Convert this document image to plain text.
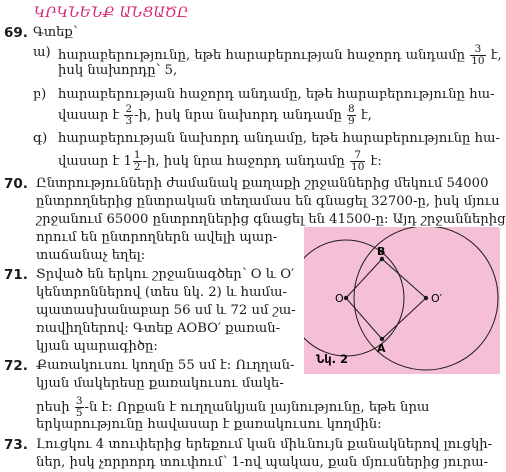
ԿՐԿՆԵՆՔ ԱՆՑԱԾԸ
69. Գտեք՝
ա) հարաբերությունը, եթե հարաբերության հաջորդ անդամը $\frac{3}{10}$ է,
իսկ նախորդը՝ 5,
բ) հարաբերության հաջորդ անդամը, եթե հարաբերությունը հա-
վասար է $\frac{2}{3}$ -ի, իսկ նրա նախորդ անդամը $\frac{8}{9}$ է,
գ) հարաբերության նախորդ անդամը, եթե հարաբերությունը հա-
վասար է $1 \frac{1}{2}$ -ի, իսկ նրա հաջորդ անդամը $\frac{7}{10}$ է:
70. Ընտրությունների ժամանակ քաղաքի շրջաններից մեկում 54000
ընտրողներից ընտրական տեղամաս են գնացել 32700-ը, իսկ մյուս
շրջանում 65000 ընտրողներից գնացել են 41500-ը: Այդ շրջաններից
որում են ընտրողներն ավելի պար-
տաճանաչ եղել:
71. Տրված են երկու շրջանագծեր՝ O և O′
կենտրոններով (տես նկ. 2) և համա-
պատասխանաբար 56 սմ և 72 սմ շա-
ռավիղներով: Գտեք AOBO′ քառան-
կյան պարագիծը:
72. Քառակուսու կողմը 55 սմ է: Ուղղան-
կյան մակերեսը քառակուսու մակե-
րեսի $\frac{3}{5}$ -ն է: Որքան է ուղղանկյան լայնությունը, եթե նրա
երկարությունը հավասար է քառակուսու կողմին:
73. Լուցկու 4 տուփերից երեքում կան միևնույն քանակներով լուցկի-
ներ, իսկ չորրորդ տուփում՝ 1-ով պակաս, քան մյուսներից յուրա-
B
A
O	O′
Նկ. 2
